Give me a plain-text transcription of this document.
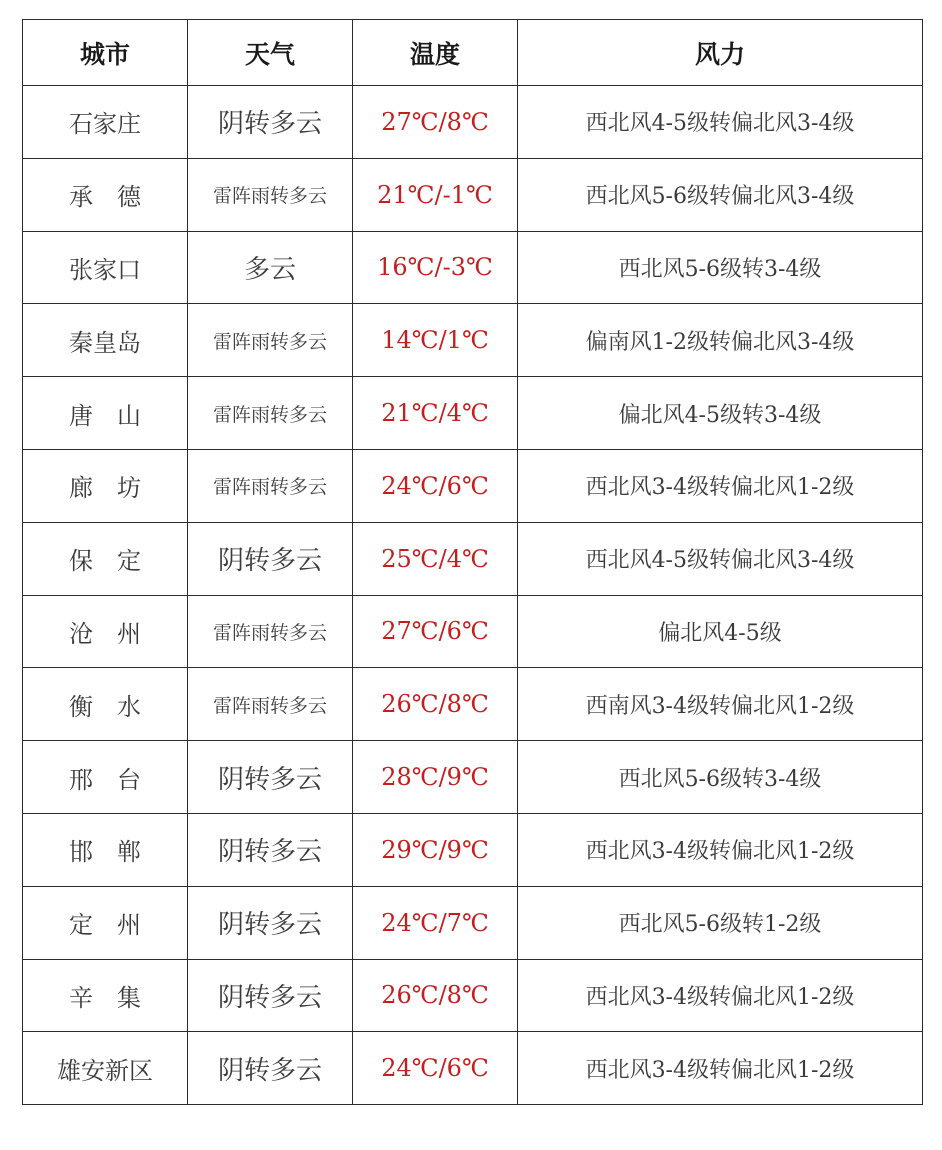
城市	天气	温度	风力
石家庄	阴转多云	27℃/8℃	西北风4-5级转偏北风3-4级
承　德	雷阵雨转多云	21℃/-1℃	西北风5-6级转偏北风3-4级
张家口	多云	16℃/-3℃	西北风5-6级转3-4级
秦皇岛	雷阵雨转多云	14℃/1℃	偏南风1-2级转偏北风3-4级
唐　山	雷阵雨转多云	21℃/4℃	偏北风4-5级转3-4级
廊　坊	雷阵雨转多云	24℃/6℃	西北风3-4级转偏北风1-2级
保　定	阴转多云	25℃/4℃	西北风4-5级转偏北风3-4级
沧　州	雷阵雨转多云	27℃/6℃	偏北风4-5级
衡　水	雷阵雨转多云	26℃/8℃	西南风3-4级转偏北风1-2级
邢　台	阴转多云	28℃/9℃	西北风5-6级转3-4级
邯　郸	阴转多云	29℃/9℃	西北风3-4级转偏北风1-2级
定　州	阴转多云	24℃/7℃	西北风5-6级转1-2级
辛　集	阴转多云	26℃/8℃	西北风3-4级转偏北风1-2级
雄安新区	阴转多云	24℃/6℃	西北风3-4级转偏北风1-2级
